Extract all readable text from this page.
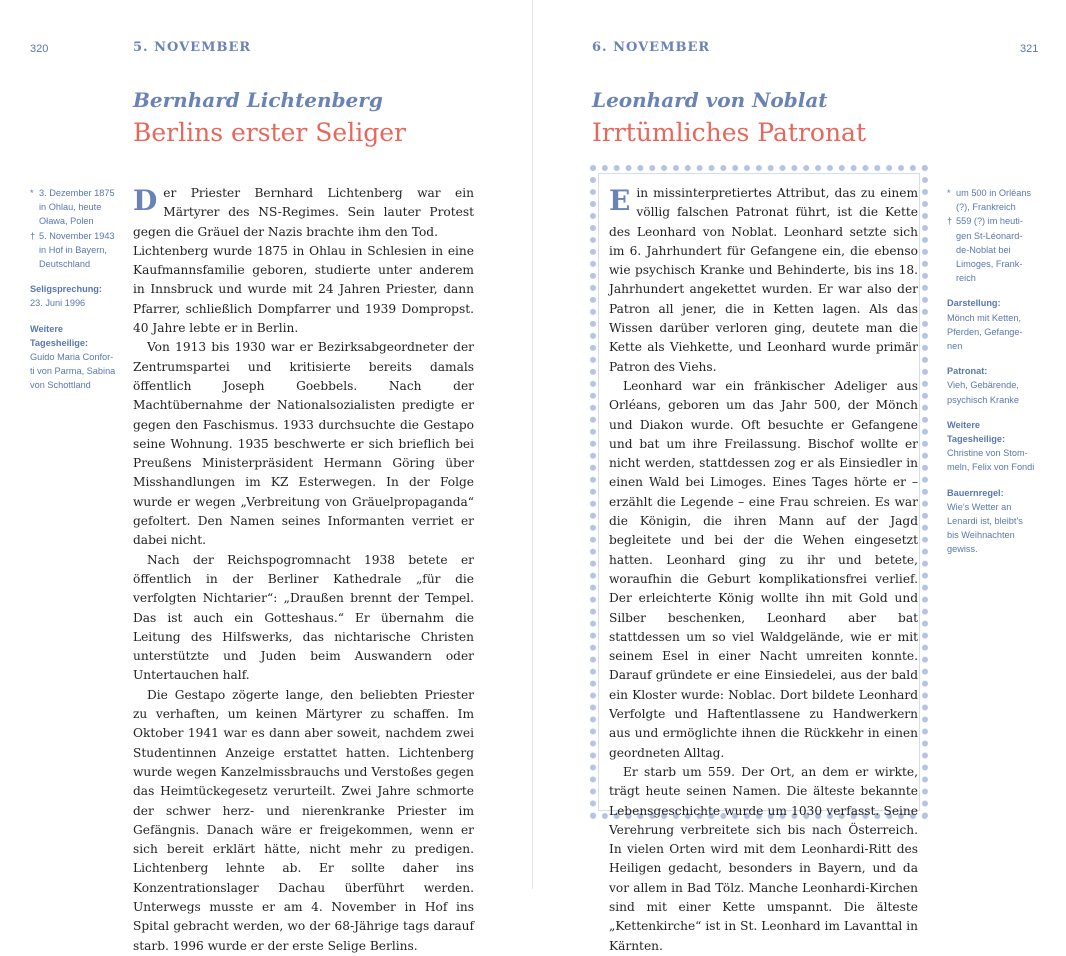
320	5. NOVEMBER
Bernhard Lichtenberg
Berlins erster Seliger
* 3. Dezember 1875
in Ohlau, heute
Oława, Polen
† 5. November 1943
in Hof in Bayern,
Deutschland
Seligsprechung:
23. Juni 1996
Weitere
Tagesheilige:
Guido Maria Confor-
ti von Parma, Sabina
von Schottland

Der Priester Bernhard Lichtenberg war ein Märtyrer des NS-Regimes. Sein lauter Protest gegen die Gräuel der Nazis brachte ihm den Tod.

Lichtenberg wurde 1875 in Ohlau in Schlesien in eine Kaufmannsfamilie geboren, studierte unter anderem in Innsbruck und wurde mit 24 Jahren Priester, dann Pfarrer, schließlich Dompfarrer und 1939 Dompropst. 40 Jahre lebte er in Berlin.

Von 1913 bis 1930 war er Bezirksabgeordneter der Zentrumspartei und kritisierte bereits damals öffentlich Joseph Goebbels. Nach der Machtübernahme der Nationalsozialisten predigte er gegen den Faschismus. 1933 durchsuchte die Gestapo seine Wohnung. 1935 beschwerte er sich brieflich bei Preußens Ministerpräsident Hermann Göring über Misshandlungen im KZ Esterwegen. In der Folge wurde er wegen „Verbreitung von Gräuelpropaganda“ gefoltert. Den Namen seines Informanten verriet er dabei nicht.

Nach der Reichspogromnacht 1938 betete er öffentlich in der Berliner Kathedrale „für die verfolgten Nichtarier“: „Draußen brennt der Tempel. Das ist auch ein Gotteshaus.“ Er übernahm die Leitung des Hilfswerks, das nichtarische Christen unterstützte und Juden beim Auswandern oder Untertauchen half.

Die Gestapo zögerte lange, den beliebten Priester zu verhaften, um keinen Märtyrer zu schaffen. Im Oktober 1941 war es dann aber soweit, nachdem zwei Studentinnen Anzeige erstattet hatten. Lichtenberg wurde wegen Kanzelmissbrauchs und Verstoßes gegen das Heimtückegesetz verurteilt. Zwei Jahre schmorte der schwer herz- und nierenkranke Priester im Gefängnis. Danach wäre er freigekommen, wenn er sich bereit erklärt hätte, nicht mehr zu predigen. Lichtenberg lehnte ab. Er sollte daher ins Konzentrationslager Dachau überführt werden. Unterwegs musste er am 4. November in Hof ins Spital gebracht werden, wo der 68-Jährige tags darauf starb. 1996 wurde er der erste Selige Berlins.

6. NOVEMBER	321
Leonhard von Noblat
Irrtümliches Patronat

Ein missinterpretiertes Attribut, das zu einem völlig falschen Patronat führt, ist die Kette des Leonhard von Noblat. Leonhard setzte sich im 6. Jahrhundert für Gefangene ein, die ebenso wie psychisch Kranke und Behinderte, bis ins 18. Jahrhundert angekettet wurden. Er war also der Patron all jener, die in Ketten lagen. Als das Wissen darüber verloren ging, deutete man die Kette als Viehkette, und Leonhard wurde primär Patron des Viehs.

Leonhard war ein fränkischer Adeliger aus Orléans, geboren um das Jahr 500, der Mönch und Diakon wurde. Oft besuchte er Gefangene und bat um ihre Freilassung. Bischof wollte er nicht werden, stattdessen zog er als Einsiedler in einen Wald bei Limoges. Eines Tages hörte er – erzählt die Legende – eine Frau schreien. Es war die Königin, die ihren Mann auf der Jagd begleitete und bei der die Wehen eingesetzt hatten. Leonhard ging zu ihr und betete, woraufhin die Geburt komplikationsfrei verlief. Der erleichterte König wollte ihn mit Gold und Silber beschenken, Leonhard aber bat stattdessen um so viel Waldgelände, wie er mit seinem Esel in einer Nacht umreiten konnte. Darauf gründete er eine Einsiedelei, aus der bald ein Kloster wurde: Noblac. Dort bildete Leonhard Verfolgte und Haftentlassene zu Handwerkern aus und ermöglichte ihnen die Rückkehr in einen geordneten Alltag.

Er starb um 559. Der Ort, an dem er wirkte, trägt heute seinen Namen. Die älteste bekannte Lebensgeschichte wurde um 1030 verfasst. Seine Verehrung verbreitete sich bis nach Österreich. In vielen Orten wird mit dem Leonhardi-Ritt des Heiligen gedacht, besonders in Bayern, und da vor allem in Bad Tölz. Manche Leonhardi-Kirchen sind mit einer Kette umspannt. Die älteste „Kettenkirche“ ist in St. Leonhard im Lavanttal in Kärnten.

* um 500 in Orléans
(?), Frankreich
† 559 (?) im heuti-
gen St-Léonard-
de-Noblat bei
Limoges, Frank-
reich
Darstellung:
Mönch mit Ketten,
Pferden, Gefange-
nen
Patronat:
Vieh, Gebärende,
psychisch Kranke
Weitere
Tagesheilige:
Christine von Stom-
meln, Felix von Fondi
Bauernregel:
Wie's Wetter an
Lenardi ist, bleibt's
bis Weihnachten
gewiss.
